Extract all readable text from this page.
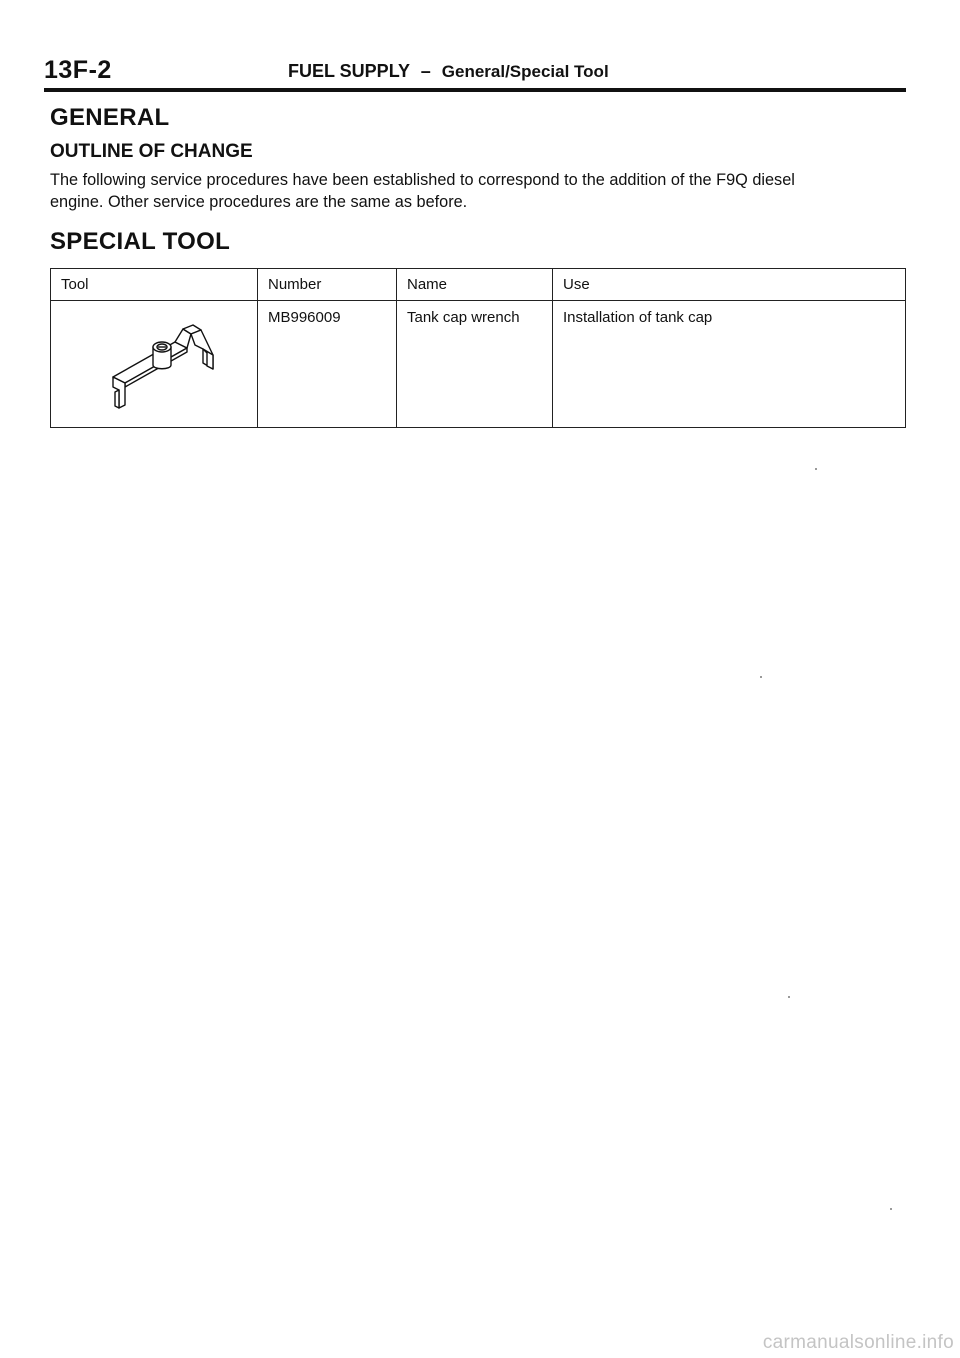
13F-2	FUEL SUPPLY – General/Special Tool
GENERAL
OUTLINE OF CHANGE

The following service procedures have been established to correspond to the addition of the F9Q diesel
engine. Other service procedures are the same as before.

SPECIAL TOOL
Tool	Number	Name	Use

	MB996009	Tank cap wrench	Installation of tank cap
carmanualsonline.info
